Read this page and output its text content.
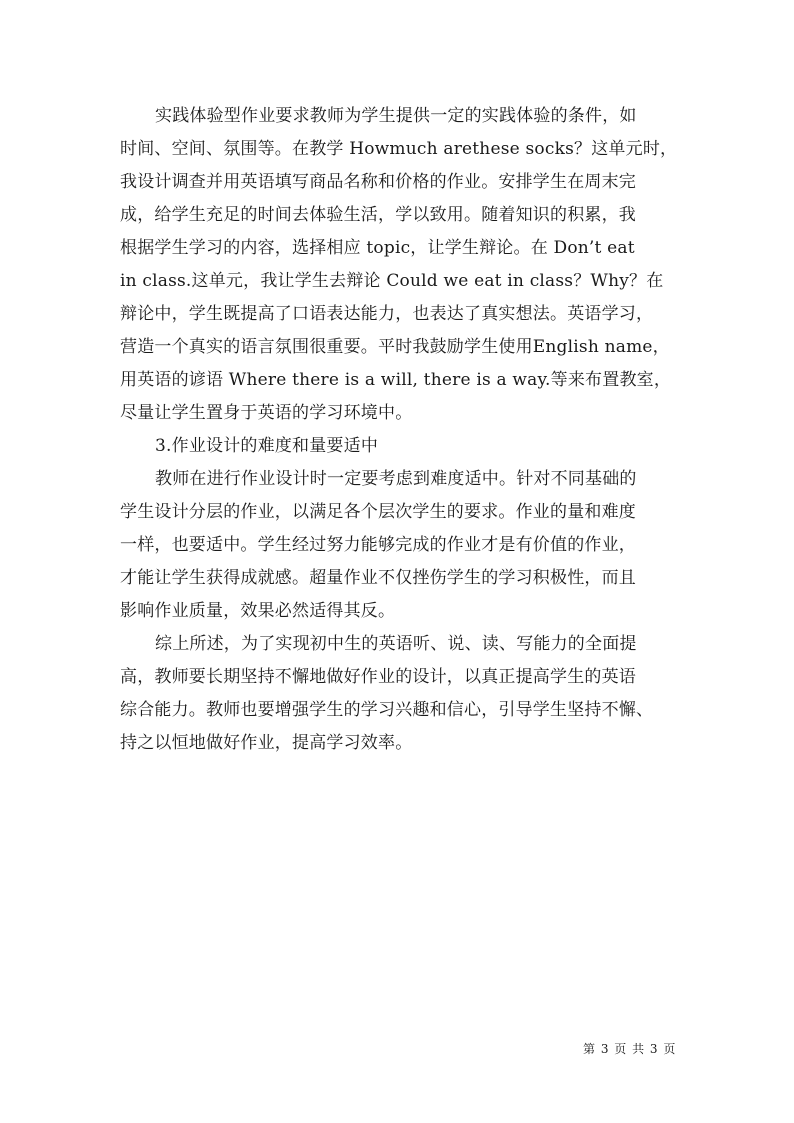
实践体验型作业要求教师为学生提供一定的实践体验的条件，如
时间、空间、氛围等。在教学 Howmuch arethese socks？这单元时，
我设计调查并用英语填写商品名称和价格的作业。安排学生在周末完
成，给学生充足的时间去体验生活，学以致用。随着知识的积累，我
根据学生学习的内容，选择相应 topic，让学生辩论。在 Don’t eat
in class.这单元，我让学生去辩论 Could we eat in class？Why？在
辩论中，学生既提高了口语表达能力，也表达了真实想法。英语学习，
营造一个真实的语言氛围很重要。平时我鼓励学生使用English name，
用英语的谚语 Where there is a will, there is a way.等来布置教室，
尽量让学生置身于英语的学习环境中。
3.作业设计的难度和量要适中
教师在进行作业设计时一定要考虑到难度适中。针对不同基础的
学生设计分层的作业，以满足各个层次学生的要求。作业的量和难度
一样，也要适中。学生经过努力能够完成的作业才是有价值的作业，
才能让学生获得成就感。超量作业不仅挫伤学生的学习积极性，而且
影响作业质量，效果必然适得其反。
综上所述，为了实现初中生的英语听、说、读、写能力的全面提
高，教师要长期坚持不懈地做好作业的设计，以真正提高学生的英语
综合能力。教师也要增强学生的学习兴趣和信心，引导学生坚持不懈、
持之以恒地做好作业，提高学习效率。
第 3 页 共 3 页
